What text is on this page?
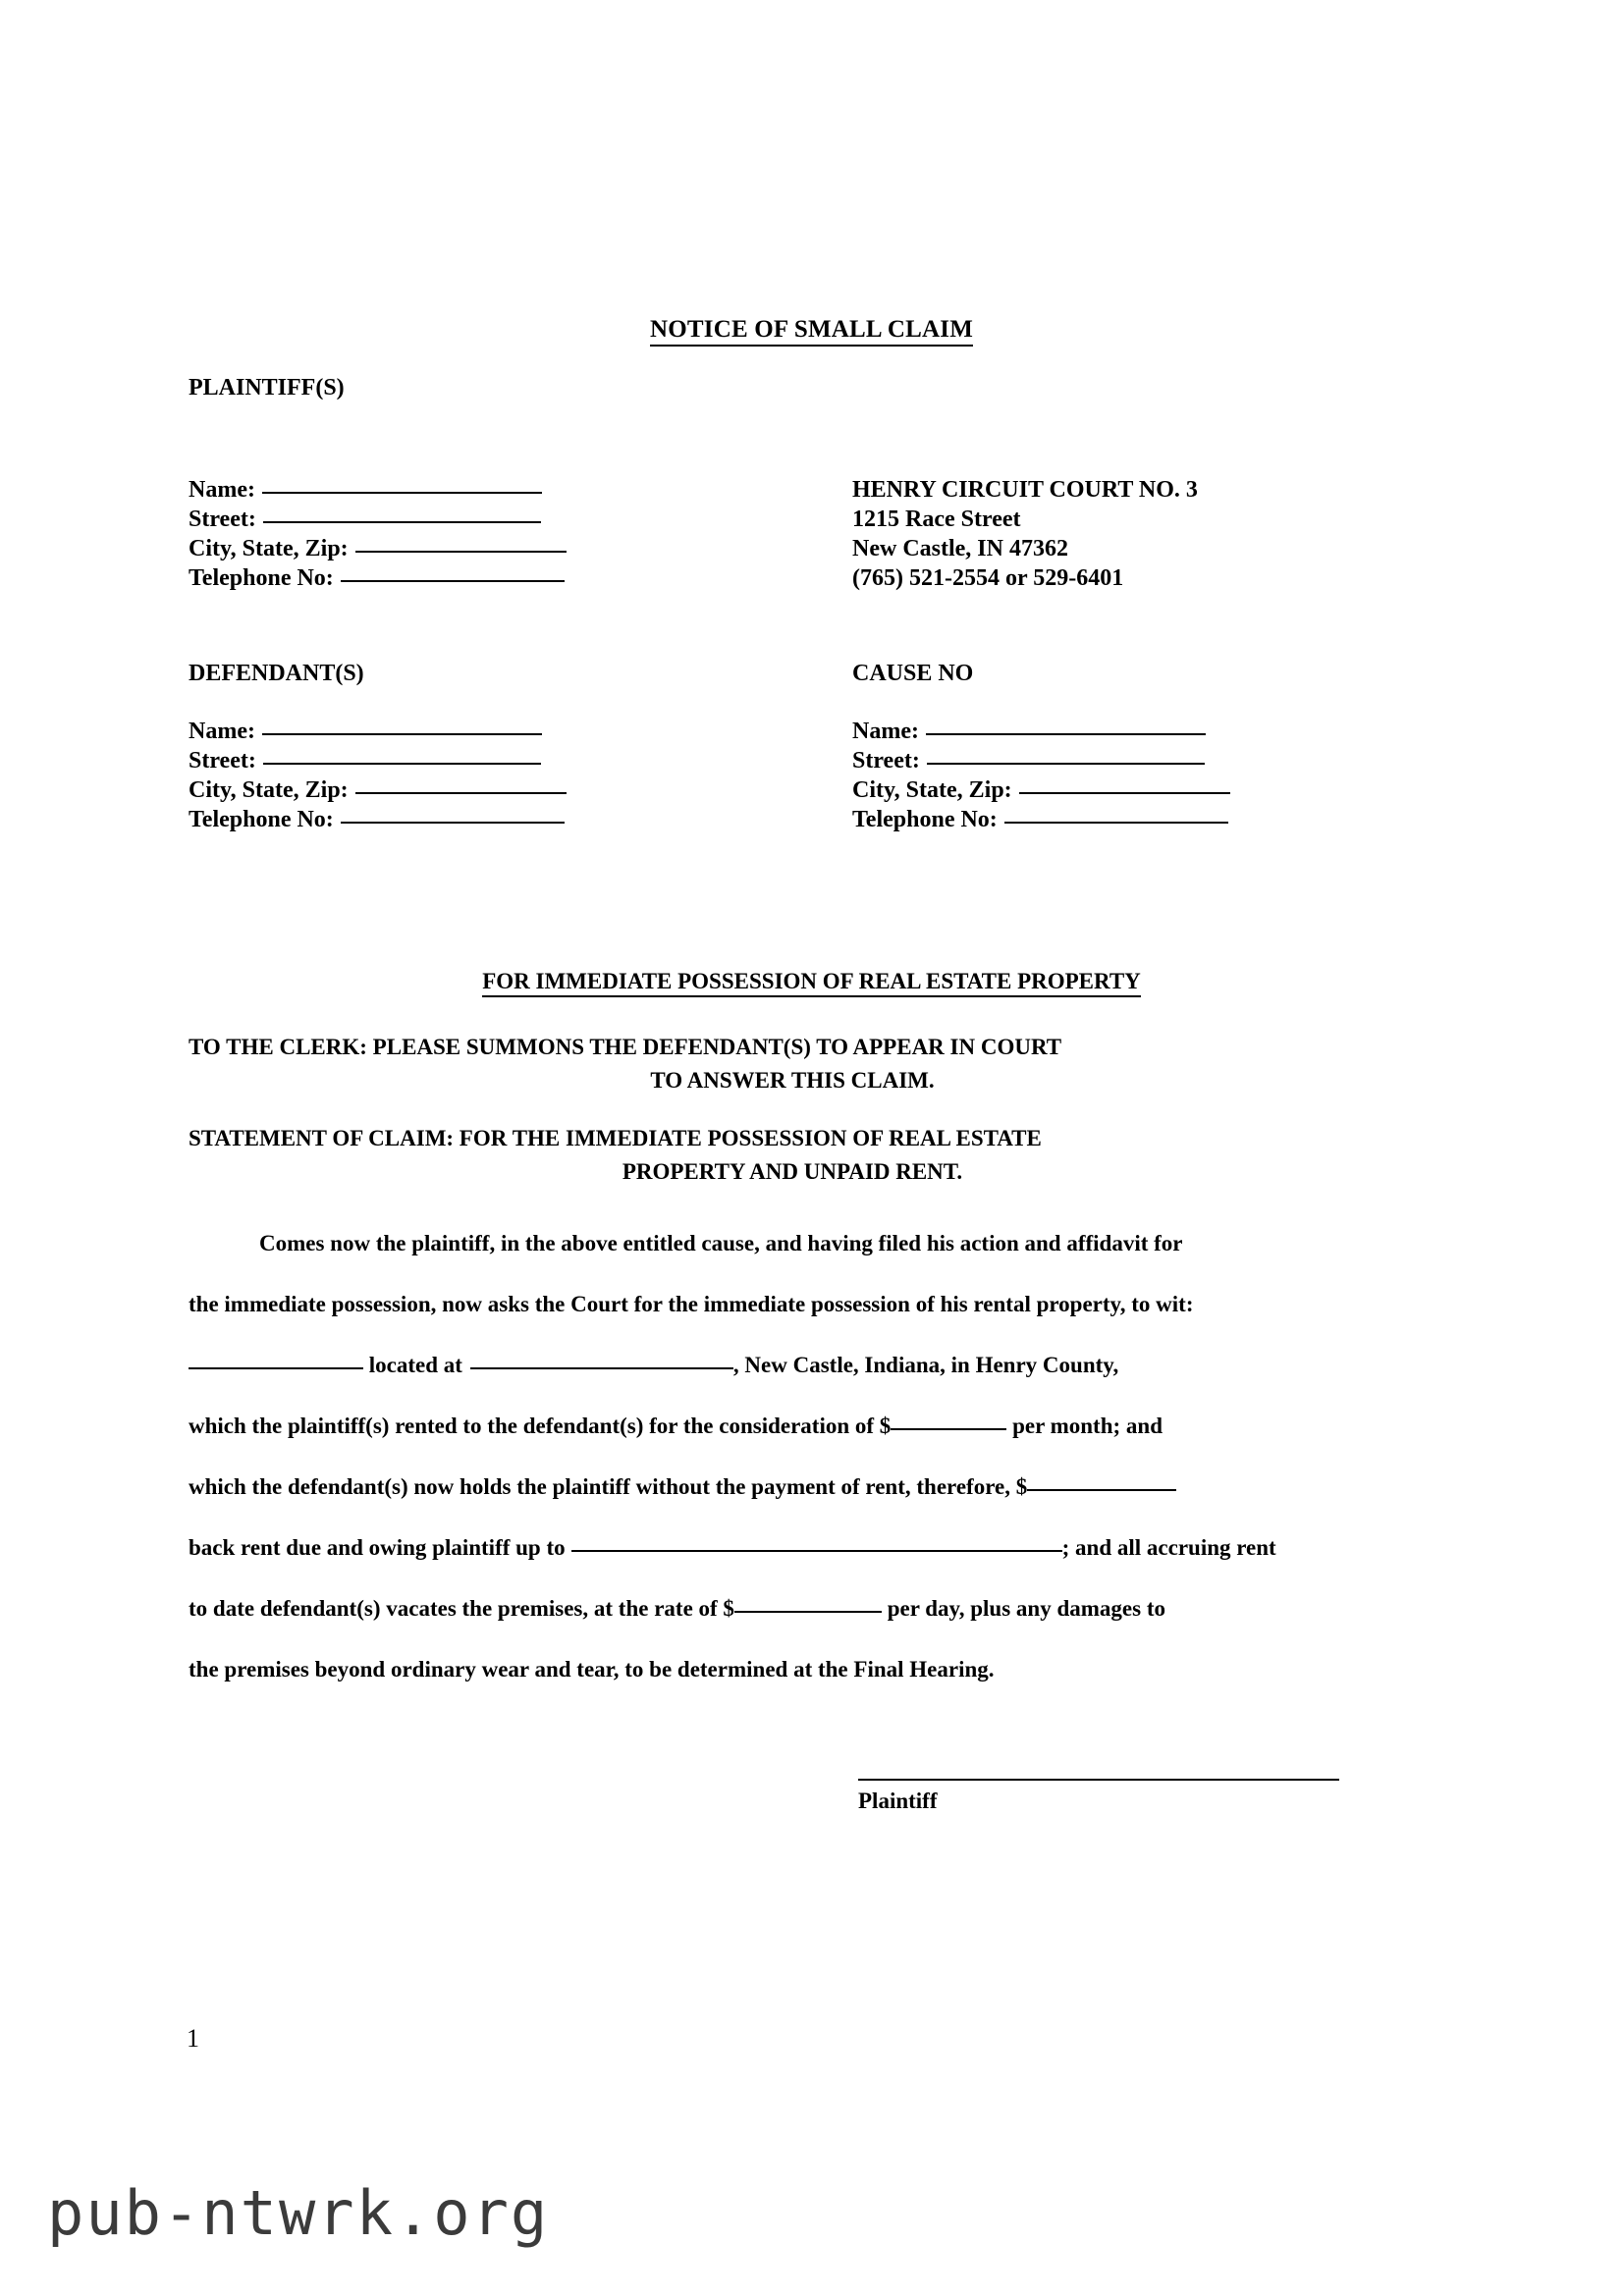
NOTICE OF SMALL CLAIM
PLAINTIFF(S)
Name:
Street:
City, State, Zip:
Telephone No:
HENRY CIRCUIT COURT NO. 3
1215 Race Street
New Castle, IN 47362
(765) 521-2554 or 529-6401
DEFENDANT(S)	CAUSE NO
Name:
Street:
City, State, Zip:
Telephone No:
Name:
Street:
City, State, Zip:
Telephone No:
FOR IMMEDIATE POSSESSION OF REAL ESTATE PROPERTY
TO THE CLERK: PLEASE SUMMONS THE DEFENDANT(S) TO APPEAR IN COURT
TO ANSWER THIS CLAIM.
STATEMENT OF CLAIM: FOR THE IMMEDIATE POSSESSION OF REAL ESTATE
PROPERTY AND UNPAID RENT.
Comes now the plaintiff, in the above entitled cause, and having filed his action and affidavit for
the immediate possession, now asks the Court for the immediate possession of his rental property, to wit:
located at	, New Castle, Indiana, in Henry County,
which the plaintiff(s) rented to the defendant(s) for the consideration of $	per month; and
which the defendant(s) now holds the plaintiff without the payment of rent, therefore, $
back rent due and owing plaintiff up to	; and all accruing rent
to date defendant(s) vacates the premises, at the rate of $	per day, plus any damages to
the premises beyond ordinary wear and tear, to be determined at the Final Hearing.
Plaintiff
1
pub-ntwrk.org
